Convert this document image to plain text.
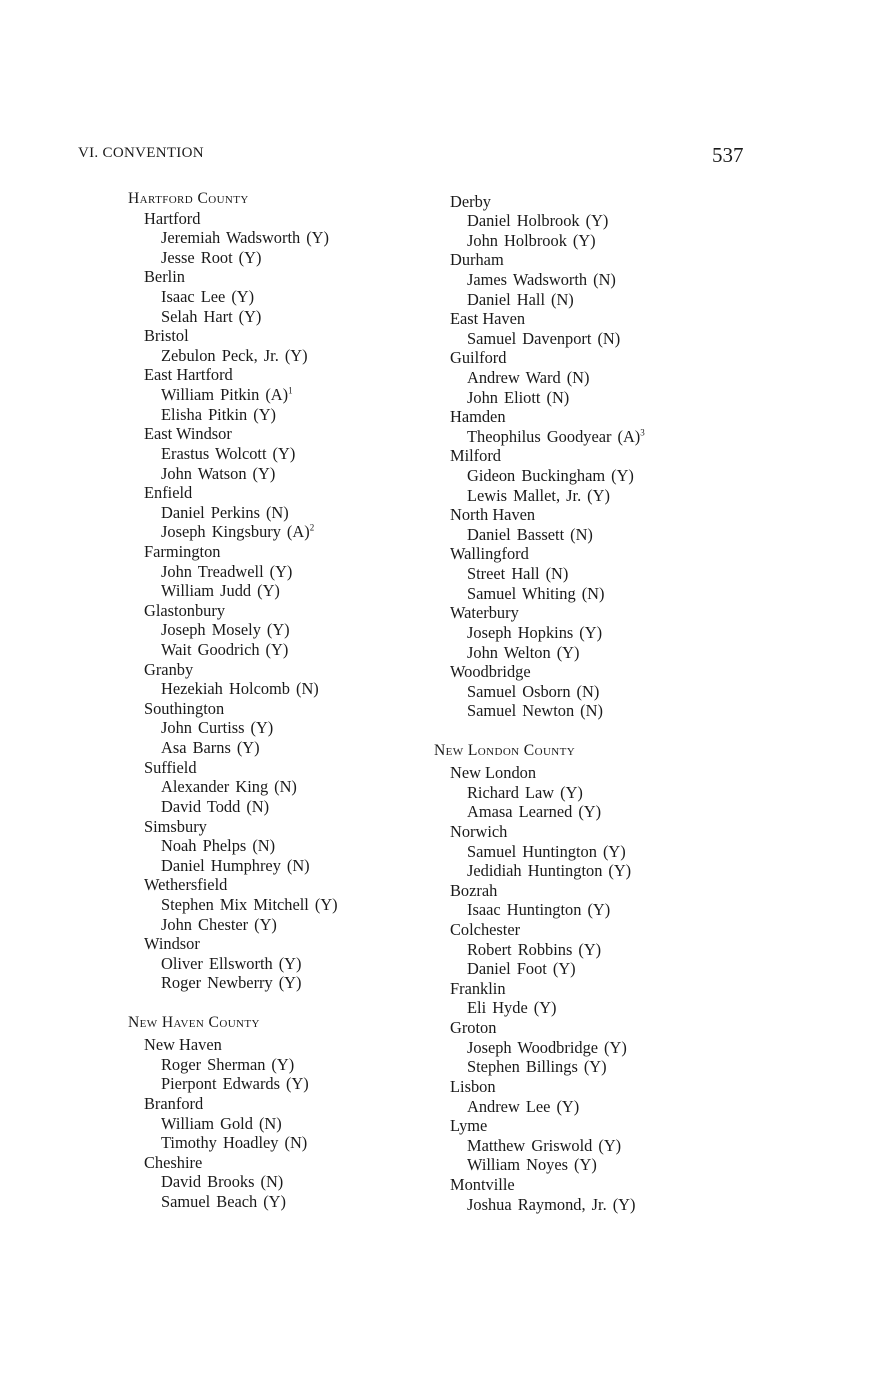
VI. CONVENTION	537
Hartford County
Hartford
Jeremiah Wadsworth (Y)
Jesse Root (Y)
Berlin
Isaac Lee (Y)
Selah Hart (Y)
Bristol
Zebulon Peck, Jr. (Y)
East Hartford
William Pitkin $(A)^1$
Elisha Pitkin (Y)
East Windsor
Erastus Wolcott (Y)
John Watson (Y)
Enfield
Daniel Perkins (N)
Joseph Kingsbury $(A)^2$
Farmington
John Treadwell (Y)
William Judd (Y)
Glastonbury
Joseph Mosely (Y)
Wait Goodrich (Y)
Granby
Hezekiah Holcomb (N)
Southington
John Curtiss (Y)
Asa Barns (Y)
Suffield
Alexander King (N)
David Todd (N)
Simsbury
Noah Phelps (N)
Daniel Humphrey (N)
Wethersfield
Stephen Mix Mitchell (Y)
John Chester (Y)
Windsor
Oliver Ellsworth (Y)
Roger Newberry (Y)
New Haven County
New Haven
Roger Sherman (Y)
Pierpont Edwards (Y)
Branford
William Gold (N)
Timothy Hoadley (N)
Cheshire
David Brooks (N)
Samuel Beach (Y)
Derby
Daniel Holbrook (Y)
John Holbrook (Y)
Durham
James Wadsworth (N)
Daniel Hall (N)
East Haven
Samuel Davenport (N)
Guilford
Andrew Ward (N)
John Eliott (N)
Hamden
Theophilus Goodyear $(A)^3$
Milford
Gideon Buckingham (Y)
Lewis Mallet, Jr. (Y)
North Haven
Daniel Bassett (N)
Wallingford
Street Hall (N)
Samuel Whiting (N)
Waterbury
Joseph Hopkins (Y)
John Welton (Y)
Woodbridge
Samuel Osborn (N)
Samuel Newton (N)
New London County
New London
Richard Law (Y)
Amasa Learned (Y)
Norwich
Samuel Huntington (Y)
Jedidiah Huntington (Y)
Bozrah
Isaac Huntington (Y)
Colchester
Robert Robbins (Y)
Daniel Foot (Y)
Franklin
Eli Hyde (Y)
Groton
Joseph Woodbridge (Y)
Stephen Billings (Y)
Lisbon
Andrew Lee (Y)
Lyme
Matthew Griswold (Y)
William Noyes (Y)
Montville
Joshua Raymond, Jr. (Y)
